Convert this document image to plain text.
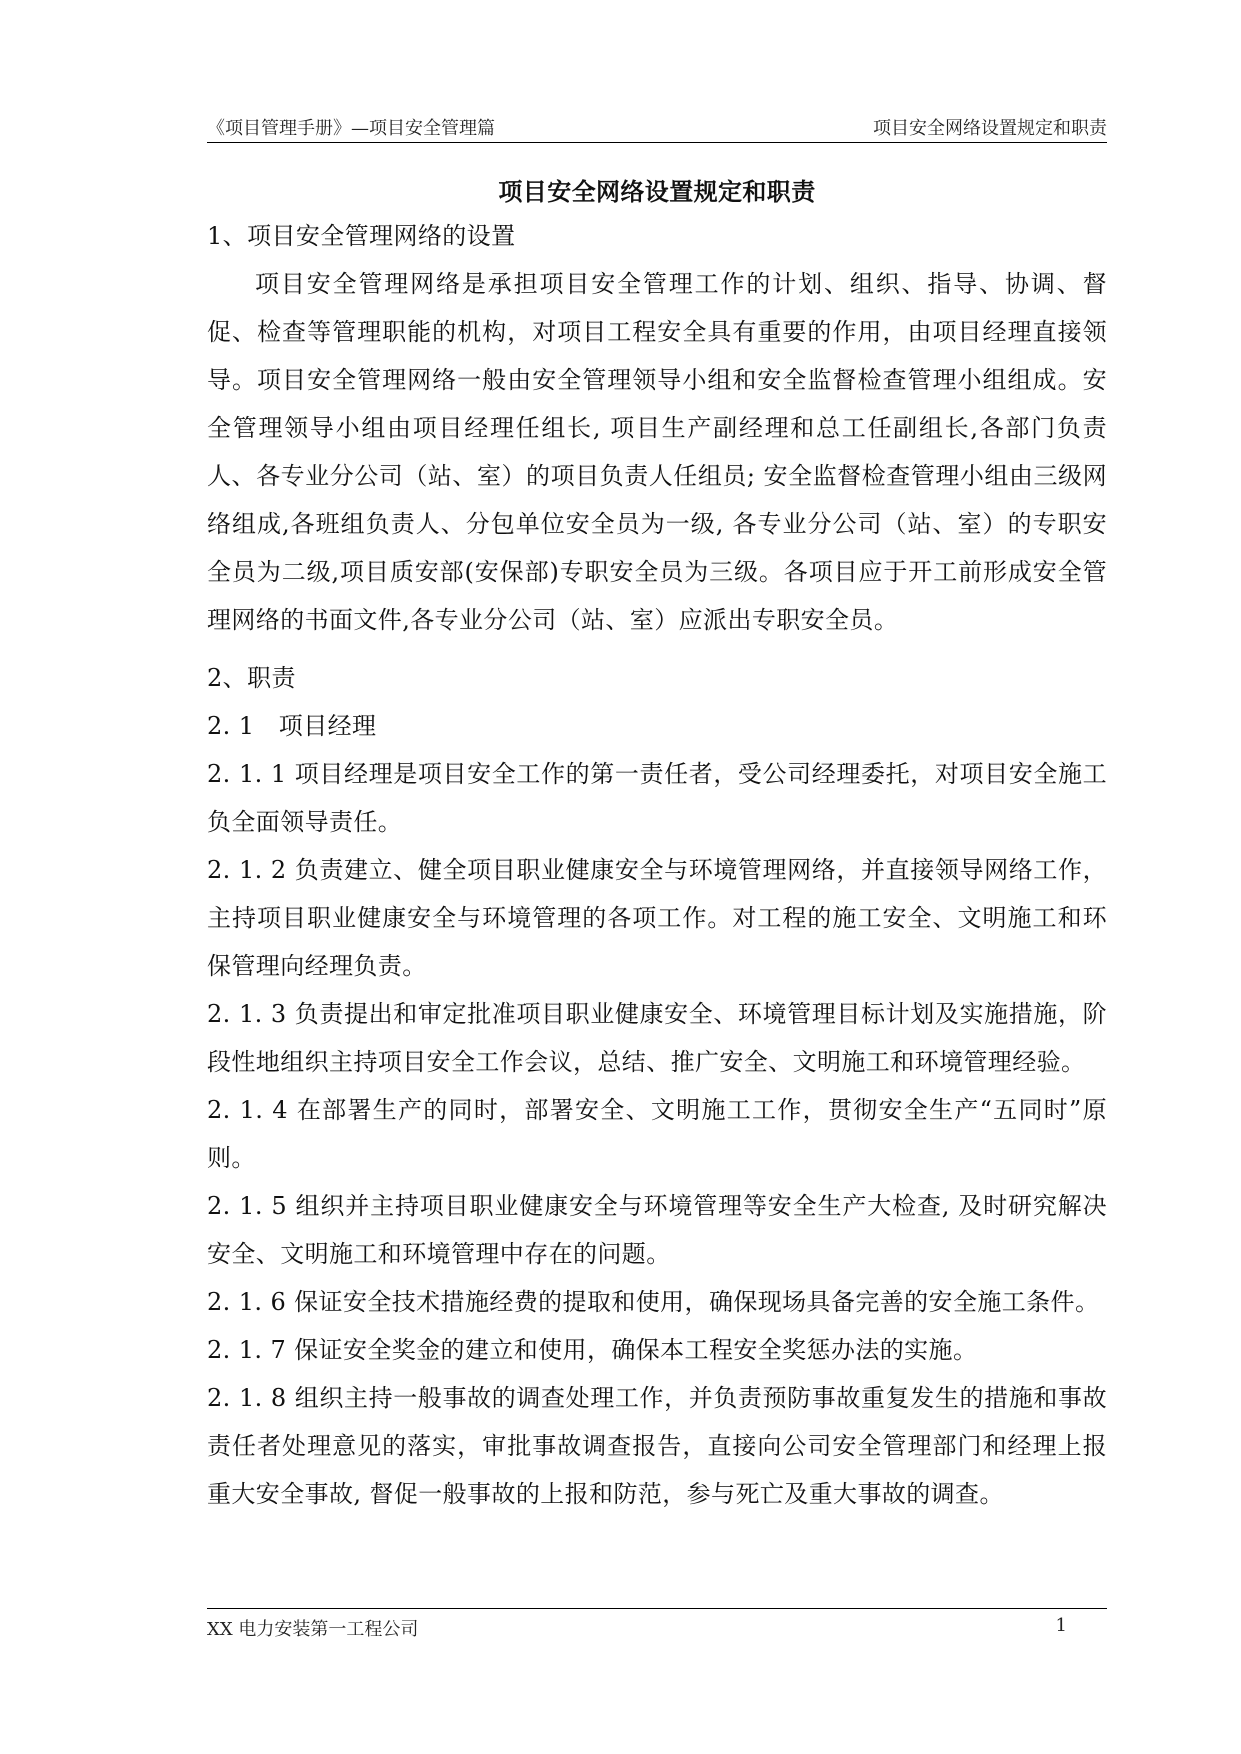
《项目管理手册》—项目安全管理篇	项目安全网络设置规定和职责
项目安全网络设置规定和职责

1、项目安全管理网络的设置

项目安全管理网络是承担项目安全管理工作的计划、组织、指导、协调、督促、检查等管理职能的机构，对项目工程安全具有重要的作用，由项目经理直接领导。项目安全管理网络一般由安全管理领导小组和安全监督检查管理小组组成。安全管理领导小组由项目经理任组长, 项目生产副经理和总工任副组长,各部门负责人、各专业分公司（站、室）的项目负责人任组员; 安全监督检查管理小组由三级网络组成,各班组负责人、分包单位安全员为一级, 各专业分公司（站、室）的专职安全员为二级,项目质安部(安保部)专职安全员为三级。各项目应于开工前形成安全管理网络的书面文件,各专业分公司（站、室）应派出专职安全员。

2、职责

2. 1　项目经理

2. 1. 1 项目经理是项目安全工作的第一责任者，受公司经理委托，对项目安全施工负全面领导责任。

2. 1. 2 负责建立、健全项目职业健康安全与环境管理网络，并直接领导网络工作，主持项目职业健康安全与环境管理的各项工作。对工程的施工安全、文明施工和环保管理向经理负责。

2. 1. 3 负责提出和审定批准项目职业健康安全、环境管理目标计划及实施措施，阶段性地组织主持项目安全工作会议，总结、推广安全、文明施工和环境管理经验。

2. 1. 4 在部署生产的同时，部署安全、文明施工工作，贯彻安全生产“五同时”原则。

2. 1. 5 组织并主持项目职业健康安全与环境管理等安全生产大检查, 及时研究解决安全、文明施工和环境管理中存在的问题。

2. 1. 6 保证安全技术措施经费的提取和使用，确保现场具备完善的安全施工条件。

2. 1. 7 保证安全奖金的建立和使用，确保本工程安全奖惩办法的实施。

2. 1. 8 组织主持一般事故的调查处理工作，并负责预防事故重复发生的措施和事故责任者处理意见的落实，审批事故调查报告，直接向公司安全管理部门和经理上报重大安全事故, 督促一般事故的上报和防范，参与死亡及重大事故的调查。

XX 电力安装第一工程公司	1
